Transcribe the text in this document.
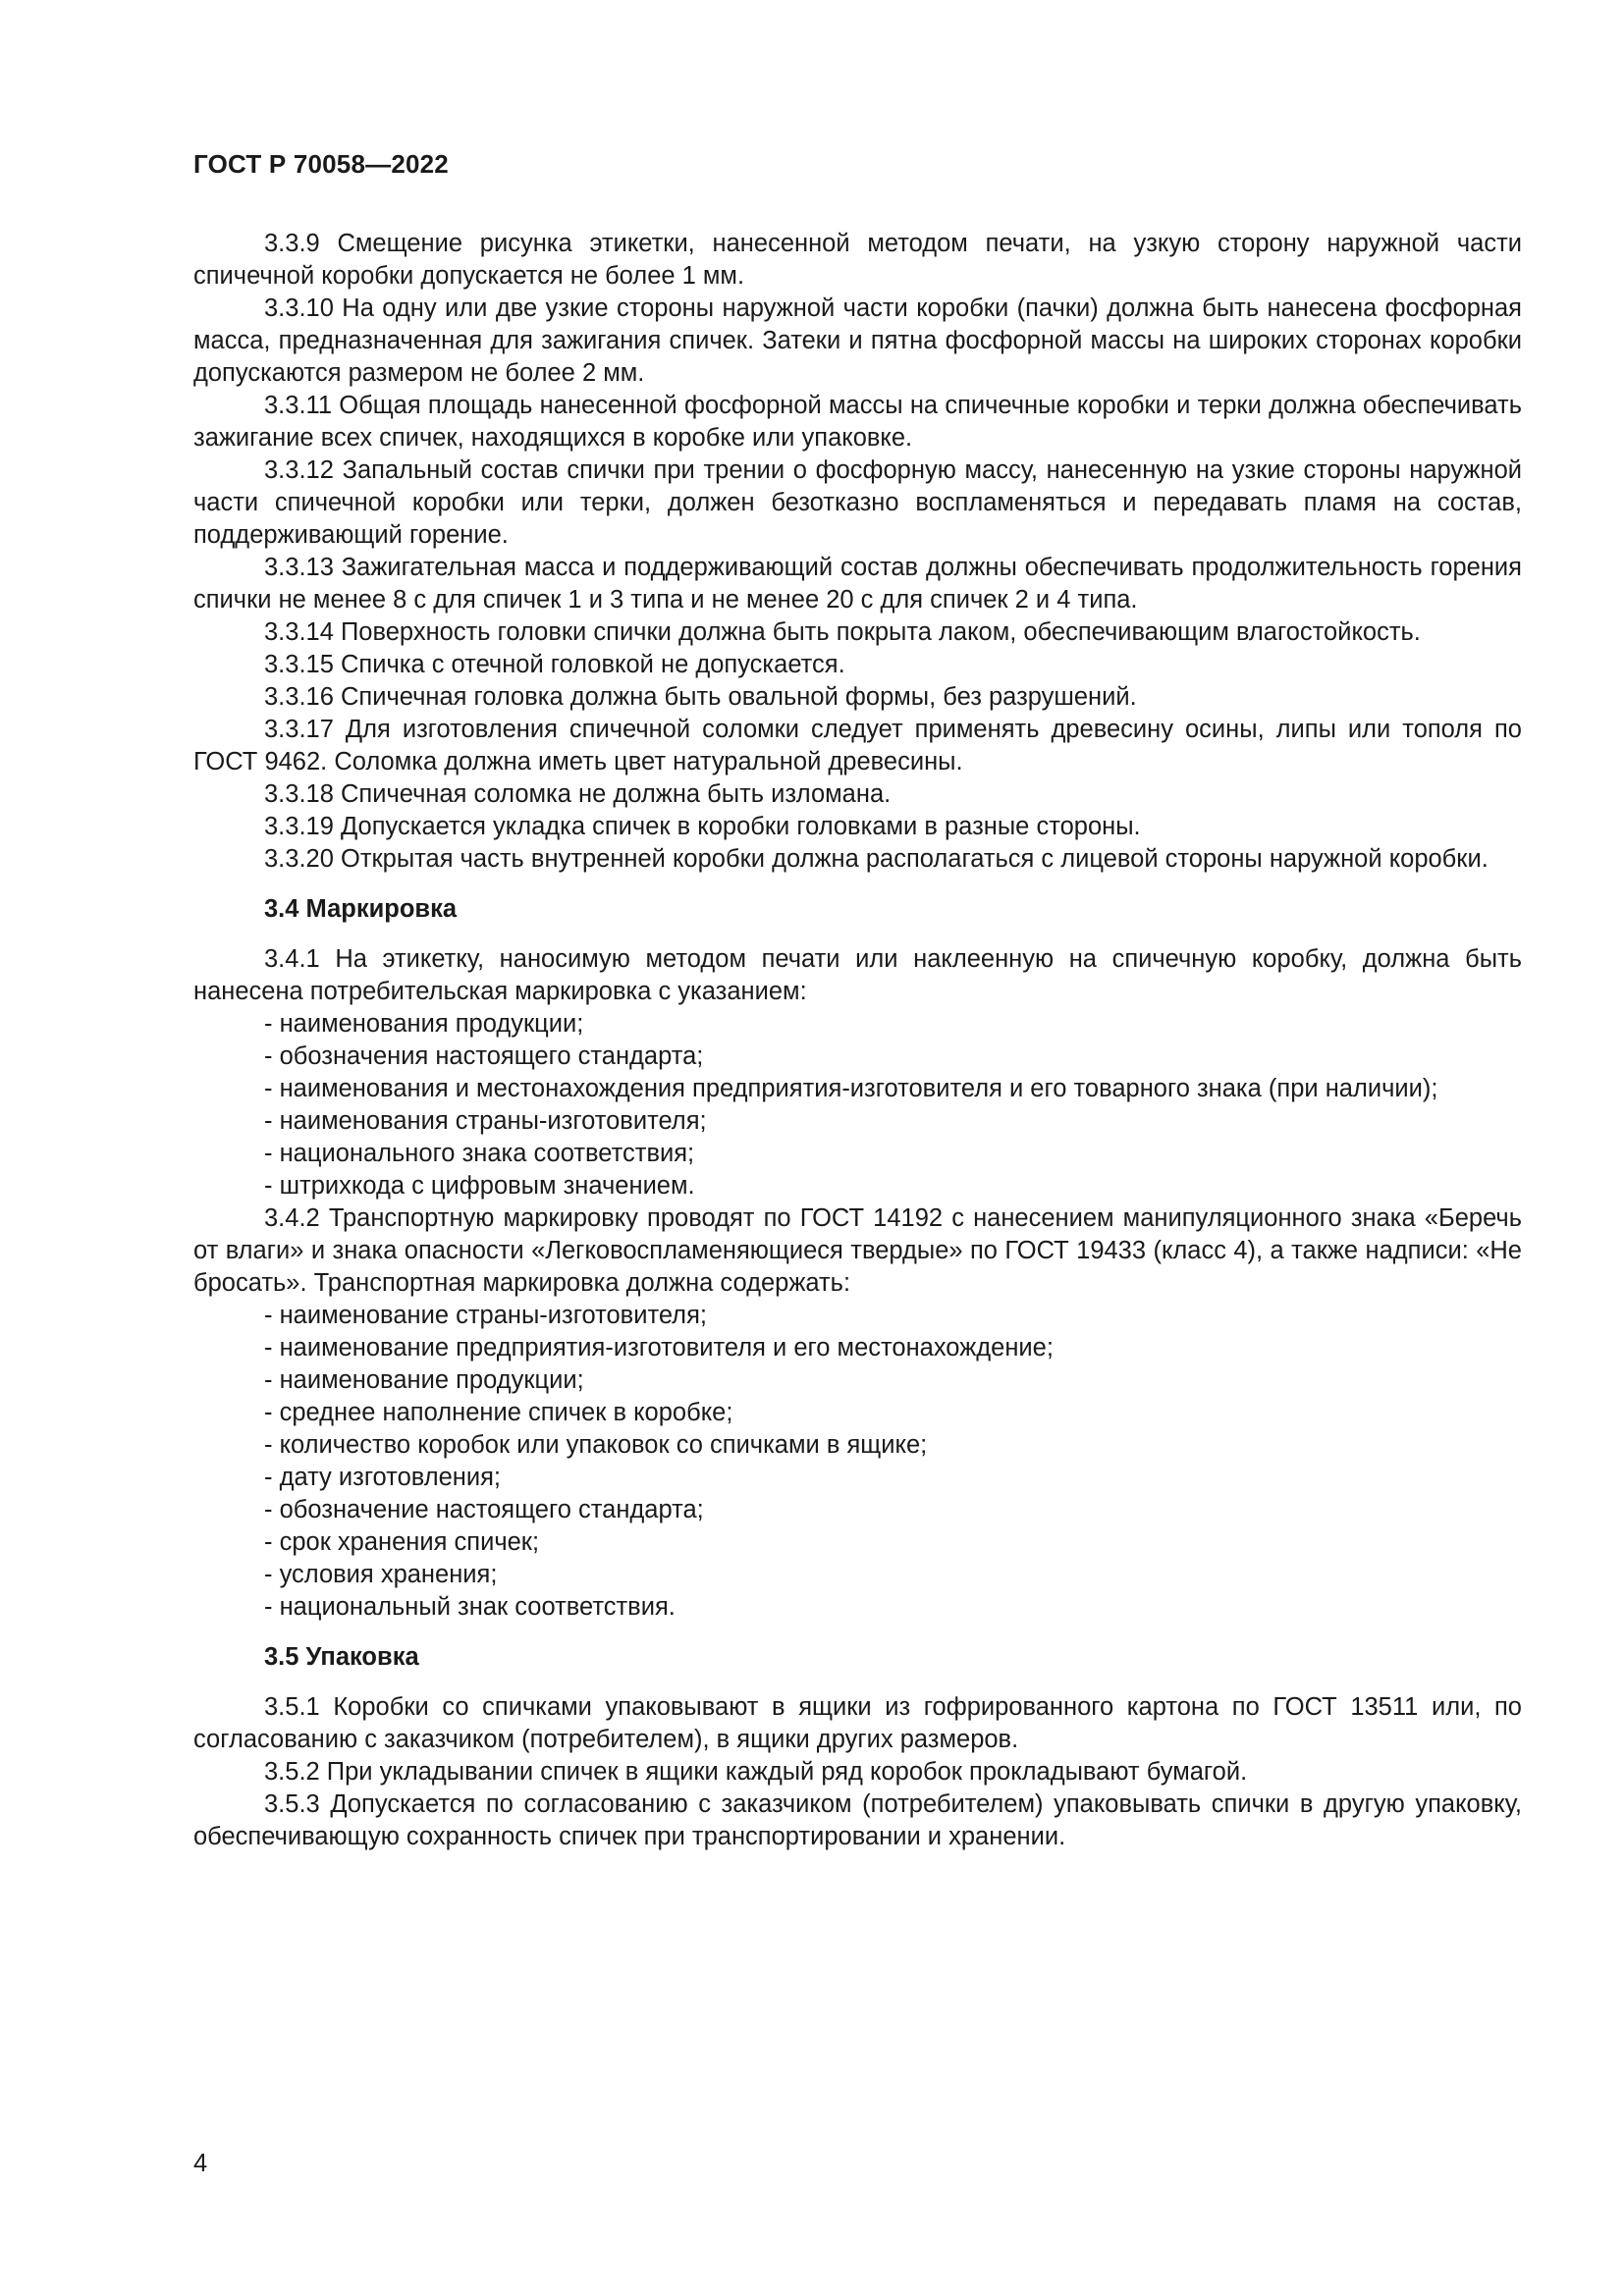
ГОСТ Р 70058—2022

3.3.9 Смещение рисунка этикетки, нанесенной методом печати, на узкую сторону наружной части спичечной коробки допускается не более 1 мм.

3.3.10 На одну или две узкие стороны наружной части коробки (пачки) должна быть нанесена фосфорная масса, предназначенная для зажигания спичек. Затеки и пятна фосфорной массы на широких сторонах коробки допускаются размером не более 2 мм.

3.3.11 Общая площадь нанесенной фосфорной массы на спичечные коробки и терки должна обеспечивать зажигание всех спичек, находящихся в коробке или упаковке.

3.3.12 Запальный состав спички при трении о фосфорную массу, нанесенную на узкие стороны наружной части спичечной коробки или терки, должен безотказно воспламеняться и передавать пламя на состав, поддерживающий горение.

3.3.13 Зажигательная масса и поддерживающий состав должны обеспечивать продолжительность горения спички не менее 8 с для спичек 1 и 3 типа и не менее 20 с для спичек 2 и 4 типа.

3.3.14 Поверхность головки спички должна быть покрыта лаком, обеспечивающим влагостойкость.

3.3.15 Спичка с отечной головкой не допускается.

3.3.16 Спичечная головка должна быть овальной формы, без разрушений.

3.3.17 Для изготовления спичечной соломки следует применять древесину осины, липы или тополя по ГОСТ 9462. Соломка должна иметь цвет натуральной древесины.

3.3.18 Спичечная соломка не должна быть изломана.

3.3.19 Допускается укладка спичек в коробки головками в разные стороны.

3.3.20 Открытая часть внутренней коробки должна располагаться с лицевой стороны наружной коробки.

3.4 Маркировка

3.4.1 На этикетку, наносимую методом печати или наклеенную на спичечную коробку, должна быть нанесена потребительская маркировка с указанием:

- наименования продукции;

- обозначения настоящего стандарта;

- наименования и местонахождения предприятия-изготовителя и его товарного знака (при наличии);

- наименования страны-изготовителя;

- национального знака соответствия;

- штрихкода с цифровым значением.

3.4.2 Транспортную маркировку проводят по ГОСТ 14192 с нанесением манипуляционного знака «Беречь от влаги» и знака опасности «Легковоспламеняющиеся твердые» по ГОСТ 19433 (класс 4), а также надписи: «Не бросать». Транспортная маркировка должна содержать:

- наименование страны-изготовителя;

- наименование предприятия-изготовителя и его местонахождение;

- наименование продукции;

- среднее наполнение спичек в коробке;

- количество коробок или упаковок со спичками в ящике;

- дату изготовления;

- обозначение настоящего стандарта;

- срок хранения спичек;

- условия хранения;

- национальный знак соответствия.

3.5 Упаковка

3.5.1 Коробки со спичками упаковывают в ящики из гофрированного картона по ГОСТ 13511 или, по согласованию с заказчиком (потребителем), в ящики других размеров.

3.5.2 При укладывании спичек в ящики каждый ряд коробок прокладывают бумагой.

3.5.3 Допускается по согласованию с заказчиком (потребителем) упаковывать спички в другую упаковку, обеспечивающую сохранность спичек при транспортировании и хранении.

4
